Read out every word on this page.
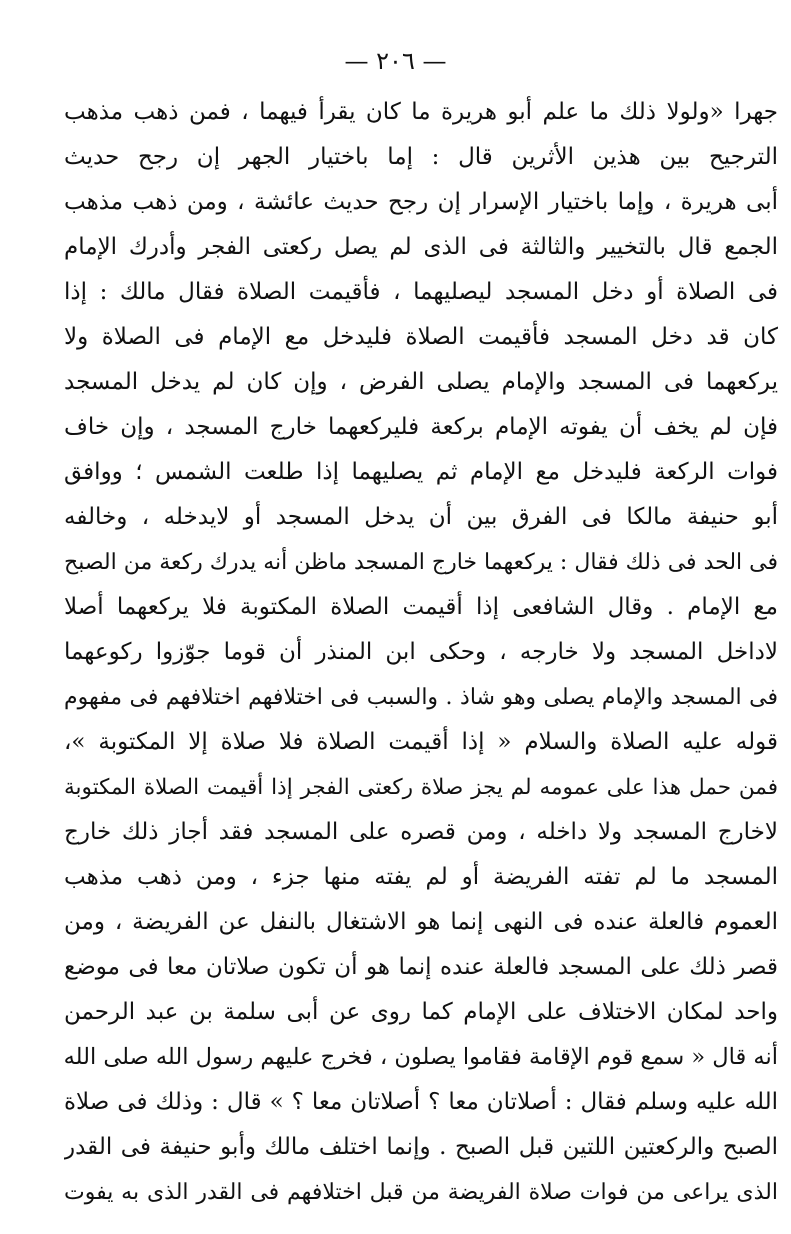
— ٢٠٦ —
جهرا «ولولا ذلك ما علم أبو هريرة ما كان يقرأ فيهما ، فمن ذهب مذهب
الترجيح بين هذين الأثرين قال : إما باختيار الجهر إن رجح حديث
أبى هريرة ، وإما باختيار الإسرار إن رجح حديث عائشة ، ومن ذهب مذهب
الجمع قال بالتخيير والثالثة فى الذى لم يصل ركعتى الفجر وأدرك الإمام
فى الصلاة أو دخل المسجد ليصليهما ، فأقيمت الصلاة فقال مالك : إذا
كان قد دخل المسجد فأقيمت الصلاة فليدخل مع الإمام فى الصلاة ولا
يركعهما فى المسجد والإمام يصلى الفرض ، وإن كان لم يدخل المسجد
فإن لم يخف أن يفوته الإمام بركعة فليركعهما خارج المسجد ، وإن خاف
فوات الركعة فليدخل مع الإمام ثم يصليهما إذا طلعت الشمس ؛ ووافق
أبو حنيفة مالكا فى الفرق بين أن يدخل المسجد أو لايدخله ، وخالفه
فى الحد فى ذلك فقال : يركعهما خارج المسجد ماظن أنه يدرك ركعة من الصبح
مع الإمام . وقال الشافعى إذا أقيمت الصلاة المكتوبة فلا يركعهما أصلا
لاداخل المسجد ولا خارجه ، وحكى ابن المنذر أن قوما جوّزوا ركوعهما
فى المسجد والإمام يصلى وهو شاذ . والسبب فى اختلافهم اختلافهم فى مفهوم
قوله عليه الصلاة والسلام « إذا أقيمت الصلاة فلا صلاة إلا المكتوبة »،
فمن حمل هذا على عمومه لم يجز صلاة ركعتى الفجر إذا أقيمت الصلاة المكتوبة
لاخارج المسجد ولا داخله ، ومن قصره على المسجد فقد أجاز ذلك خارج
المسجد ما لم تفته الفريضة أو لم يفته منها جزء ، ومن ذهب مذهب
العموم فالعلة عنده فى النهى إنما هو الاشتغال بالنفل عن الفريضة ، ومن
قصر ذلك على المسجد فالعلة عنده إنما هو أن تكون صلاتان معا فى موضع
واحد لمكان الاختلاف على الإمام كما روى عن أبى سلمة بن عبد الرحمن
أنه قال « سمع قوم الإقامة فقاموا يصلون ، فخرج عليهم رسول الله صلى الله
الله عليه وسلم فقال : أصلاتان معا ؟ أصلاتان معا ؟ » قال : وذلك فى صلاة
الصبح والركعتين اللتين قبل الصبح . وإنما اختلف مالك وأبو حنيفة فى القدر
الذى يراعى من فوات صلاة الفريضة من قبل اختلافهم فى القدر الذى به يفوت
